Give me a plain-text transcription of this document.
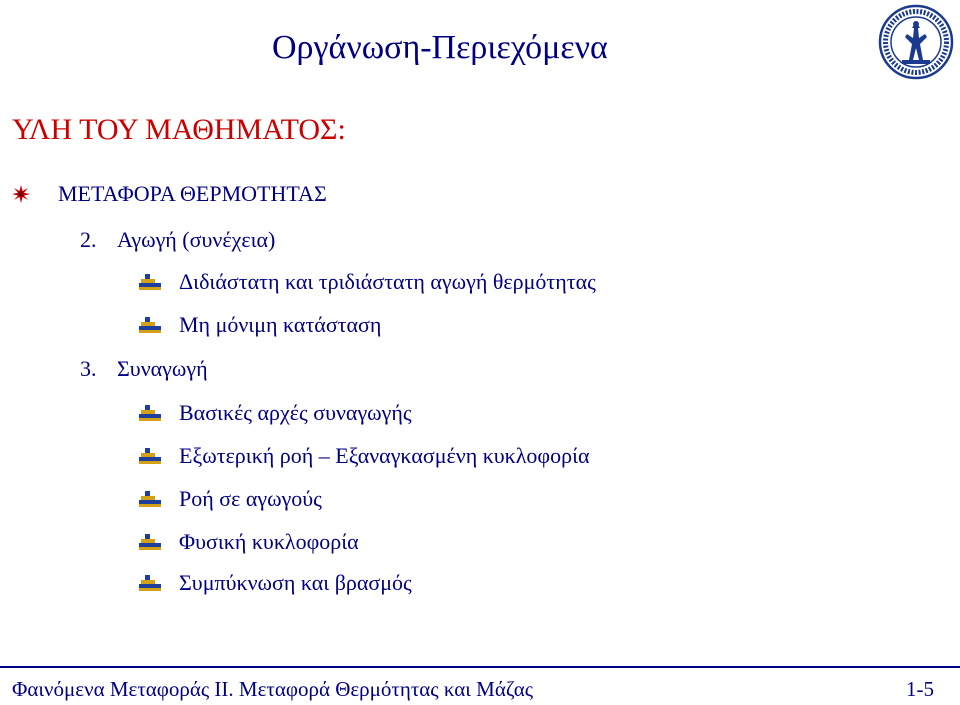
Οργάνωση-Περιεχόμενα
ΥΛΗ ΤΟΥ ΜΑΘΗΜΑΤΟΣ:
ΜΕΤΑΦΟΡΑ ΘΕΡΜΟΤΗΤΑΣ
2. Αγωγή (συνέχεια)
Διδιάστατη και τριδιάστατη αγωγή θερμότητας
Μη μόνιμη κατάσταση
3. Συναγωγή
Βασικές αρχές συναγωγής
Εξωτερική ροή – Εξαναγκασμένη κυκλοφορία
Ροή σε αγωγούς
Φυσική κυκλοφορία
Συμπύκνωση και βρασμός
Φαινόμενα Μεταφοράς ΙΙ. Μεταφορά Θερμότητας και Μάζας	1-5
